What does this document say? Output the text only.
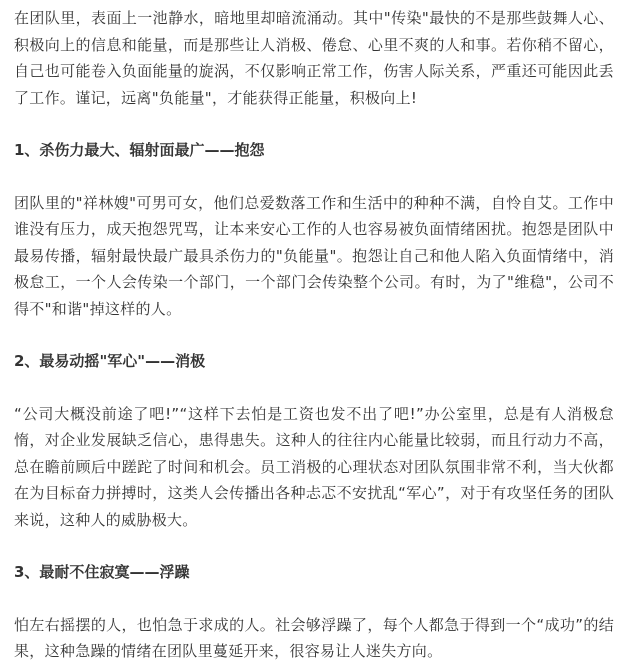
在团队里，表面上一池静水，暗地里却暗流涌动。其中"传染"最快的不是那些鼓舞人心、积极向上的信息和能量，而是那些让人消极、倦怠、心里不爽的人和事。若你稍不留心，自己也可能卷入负面能量的旋涡，不仅影响正常工作，伤害人际关系，严重还可能因此丢了工作。谨记，远离"负能量"，才能获得正能量，积极向上!

1、杀伤力最大、辐射面最广——抱怨

团队里的"祥林嫂"可男可女，他们总爱数落工作和生活中的种种不满，自怜自艾。工作中谁没有压力，成天抱怨咒骂，让本来安心工作的人也容易被负面情绪困扰。抱怨是团队中最易传播，辐射最快最广最具杀伤力的"负能量"。抱怨让自己和他人陷入负面情绪中，消极怠工，一个人会传染一个部门，一个部门会传染整个公司。有时，为了"维稳"，公司不得不"和谐"掉这样的人。

2、最易动摇"军心"——消极

“公司大概没前途了吧!”“这样下去怕是工资也发不出了吧!”办公室里，总是有人消极怠惰，对企业发展缺乏信心，患得患失。这种人的往往内心能量比较弱，而且行动力不高，总在瞻前顾后中蹉跎了时间和机会。员工消极的心理状态对团队氛围非常不利，当大伙都在为目标奋力拼搏时，这类人会传播出各种忐忑不安扰乱“军心”，对于有攻坚任务的团队来说，这种人的威胁极大。

3、最耐不住寂寞——浮躁

怕左右摇摆的人，也怕急于求成的人。社会够浮躁了，每个人都急于得到一个“成功”的结果，这种急躁的情绪在团队里蔓延开来，很容易让人迷失方向。
